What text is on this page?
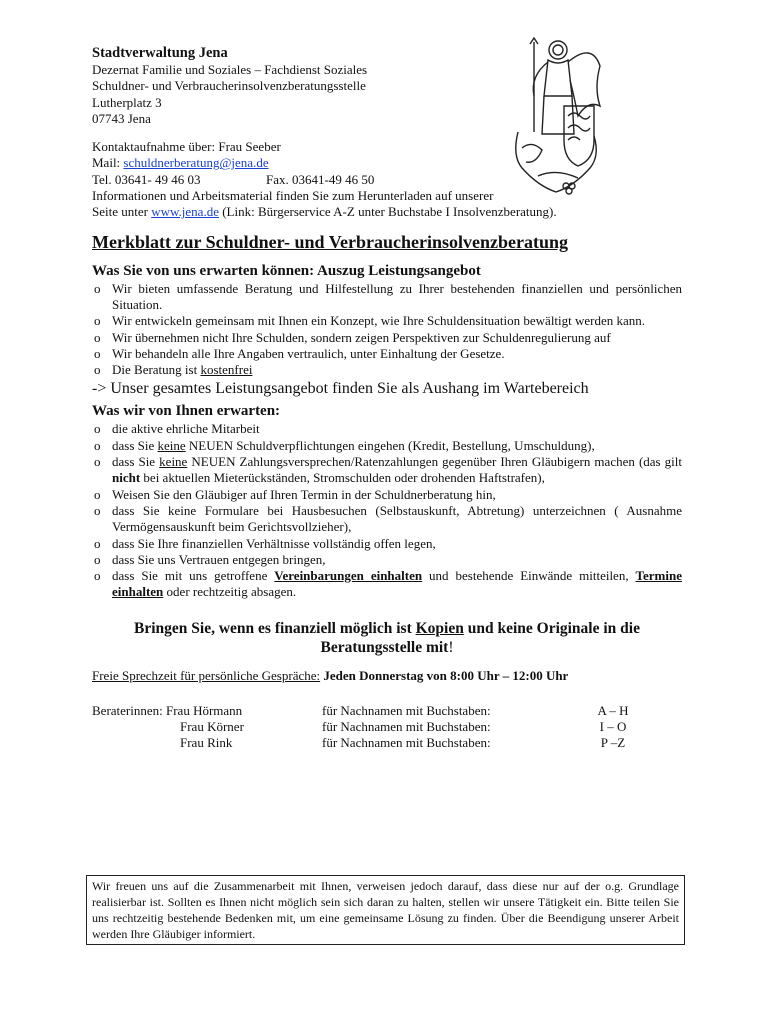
Stadtverwaltung Jena
Dezernat Familie und Soziales – Fachdienst Soziales
Schuldner- und Verbraucherinsolvenzberatungsstelle
Lutherplatz 3
07743 Jena
Kontaktaufnahme über: Frau Seeber
Mail: schuldnerberatung@jena.de
Tel. 03641- 49 46 03	Fax. 03641-49 46 50
Informationen und Arbeitsmaterial finden Sie zum Herunterladen auf unserer
Seite unter www.jena.de (Link: Bürgerservice A-Z unter Buchstabe I Insolvenzberatung).
Merkblatt zur Schuldner- und Verbraucherinsolvenzberatung
Was Sie von uns erwarten können: Auszug Leistungsangebot
o Wir bieten umfassende Beratung und Hilfestellung zu Ihrer bestehenden finanziellen und persönlichen Situation.
o Wir entwickeln gemeinsam mit Ihnen ein Konzept, wie Ihre Schuldensituation bewältigt werden kann.
o Wir übernehmen nicht Ihre Schulden, sondern zeigen Perspektiven zur Schuldenregulierung auf
o Wir behandeln alle Ihre Angaben vertraulich, unter Einhaltung der Gesetze.
o Die Beratung ist kostenfrei
-> Unser gesamtes Leistungsangebot finden Sie als Aushang im Wartebereich
Was wir von Ihnen erwarten:
o die aktive ehrliche Mitarbeit
o dass Sie keine NEUEN Schuldverpflichtungen eingehen (Kredit, Bestellung, Umschuldung),
o dass Sie keine NEUEN Zahlungsversprechen/Ratenzahlungen gegenüber Ihren Gläubigern machen (das gilt nicht bei aktuellen Mieterückständen, Stromschulden oder drohenden Haftstrafen),
o Weisen Sie den Gläubiger auf Ihren Termin in der Schuldnerberatung hin,
o dass Sie keine Formulare bei Hausbesuchen (Selbstauskunft, Abtretung) unterzeichnen ( Ausnahme Vermögensauskunft beim Gerichtsvollzieher),
o dass Sie Ihre finanziellen Verhältnisse vollständig offen legen,
o dass Sie uns Vertrauen entgegen bringen,
o dass Sie mit uns getroffene Vereinbarungen einhalten und bestehende Einwände mitteilen, Termine einhalten oder rechtzeitig absagen.
Bringen Sie, wenn es finanziell möglich ist Kopien und keine Originale in die Beratungsstelle mit!
Freie Sprechzeit für persönliche Gespräche: Jeden Donnerstag von 8:00 Uhr – 12:00 Uhr
Beraterinnen: Frau Hörmann	für Nachnamen mit Buchstaben:	A – H
Frau Körner	für Nachnamen mit Buchstaben:	I – O
Frau Rink	für Nachnamen mit Buchstaben:	P –Z
Wir freuen uns auf die Zusammenarbeit mit Ihnen, verweisen jedoch darauf, dass diese nur auf der o.g. Grundlage realisierbar ist. Sollten es Ihnen nicht möglich sein sich daran zu halten, stellen wir unsere Tätigkeit ein. Bitte teilen Sie uns rechtzeitig bestehende Bedenken mit, um eine gemeinsame Lösung zu finden. Über die Beendigung unserer Arbeit werden Ihre Gläubiger informiert.
